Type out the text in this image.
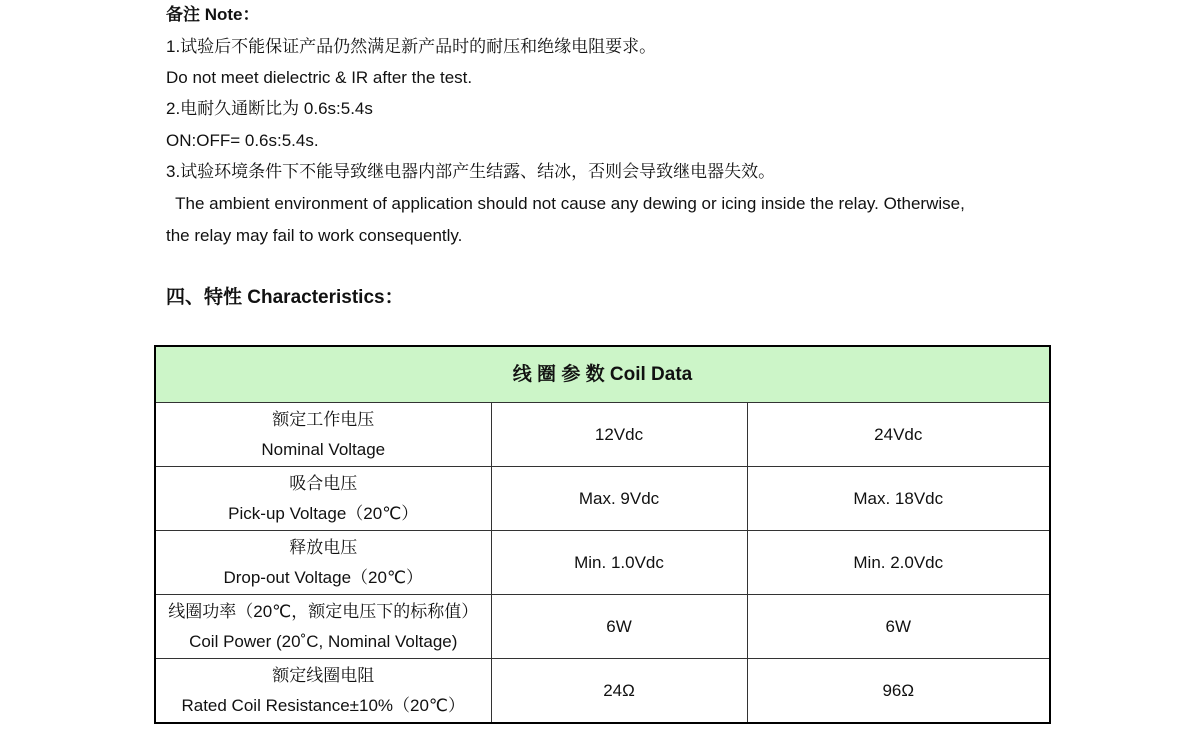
备注 Note：
1.试验后不能保证产品仍然满足新产品时的耐压和绝缘电阻要求。
Do not meet dielectric & IR after the test.
2.电耐久通断比为 0.6s:5.4s
ON:OFF= 0.6s:5.4s.
3.试验环境条件下不能导致继电器内部产生结露、结冰，否则会导致继电器失效。
The ambient environment of application should not cause any dewing or icing inside the relay. Otherwise,
the relay may fail to work consequently.
四、特性 Characteristics：
线 圈 参 数 Coil Data		

额定工作电压
Nominal Voltage	12Vdc	24Vdc

吸合电压
Pick-up Voltage（20℃）	Max. 9Vdc	Max. 18Vdc

释放电压
Drop-out Voltage（20℃）	Min. 1.0Vdc	Min. 2.0Vdc

线圈功率（20℃，额定电压下的标称值）
Coil Power (20˚C, Nominal Voltage)	6W	6W

额定线圈电阻
Rated Coil Resistance±10%（20℃）	24Ω	96Ω
